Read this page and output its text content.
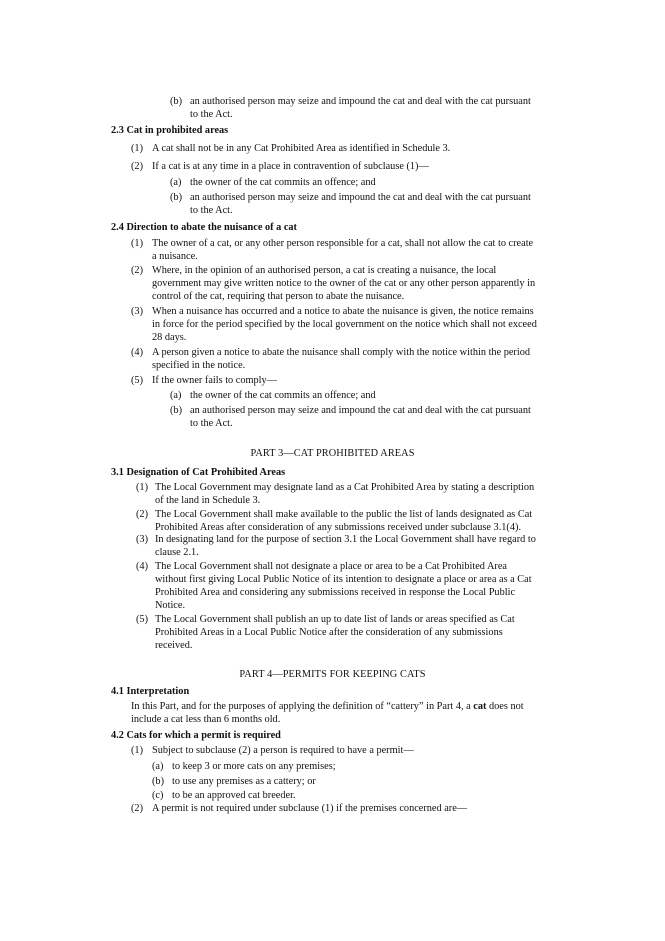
(b) an authorised person may seize and impound the cat and deal with the cat pursuant
to the Act.
2.3 Cat in prohibited areas
(1) A cat shall not be in any Cat Prohibited Area as identified in Schedule 3.
(2) If a cat is at any time in a place in contravention of subclause (1)—
(a) the owner of the cat commits an offence; and
(b) an authorised person may seize and impound the cat and deal with the cat pursuant
to the Act.
2.4 Direction to abate the nuisance of a cat
(1) The owner of a cat, or any other person responsible for a cat, shall not allow the cat to create
a nuisance.
(2) Where, in the opinion of an authorised person, a cat is creating a nuisance, the local
government may give written notice to the owner of the cat or any other person apparently in
control of the cat, requiring that person to abate the nuisance.
(3) When a nuisance has occurred and a notice to abate the nuisance is given, the notice remains
in force for the period specified by the local government on the notice which shall not exceed
28 days.
(4) A person given a notice to abate the nuisance shall comply with the notice within the period
specified in the notice.
(5) If the owner fails to comply—
(a) the owner of the cat commits an offence; and
(b) an authorised person may seize and impound the cat and deal with the cat pursuant
to the Act.
PART 3—CAT PROHIBITED AREAS
3.1 Designation of Cat Prohibited Areas
(1) The Local Government may designate land as a Cat Prohibited Area by stating a description
of the land in Schedule 3.
(2) The Local Government shall make available to the public the list of lands designated as Cat
Prohibited Areas after consideration of any submissions received under subclause 3.1(4).
(3) In designating land for the purpose of section 3.1 the Local Government shall have regard to
clause 2.1.
(4) The Local Government shall not designate a place or area to be a Cat Prohibited Area
without first giving Local Public Notice of its intention to designate a place or area as a Cat
Prohibited Area and considering any submissions received in response the Local Public
Notice.
(5) The Local Government shall publish an up to date list of lands or areas specified as Cat
Prohibited Areas in a Local Public Notice after the consideration of any submissions
received.
PART 4—PERMITS FOR KEEPING CATS
4.1 Interpretation
In this Part, and for the purposes of applying the definition of “cattery” in Part 4, a cat does not
include a cat less than 6 months old.
4.2 Cats for which a permit is required
(1) Subject to subclause (2) a person is required to have a permit—
(a) to keep 3 or more cats on any premises;
(b) to use any premises as a cattery; or
(c) to be an approved cat breeder.
(2) A permit is not required under subclause (1) if the premises concerned are—
